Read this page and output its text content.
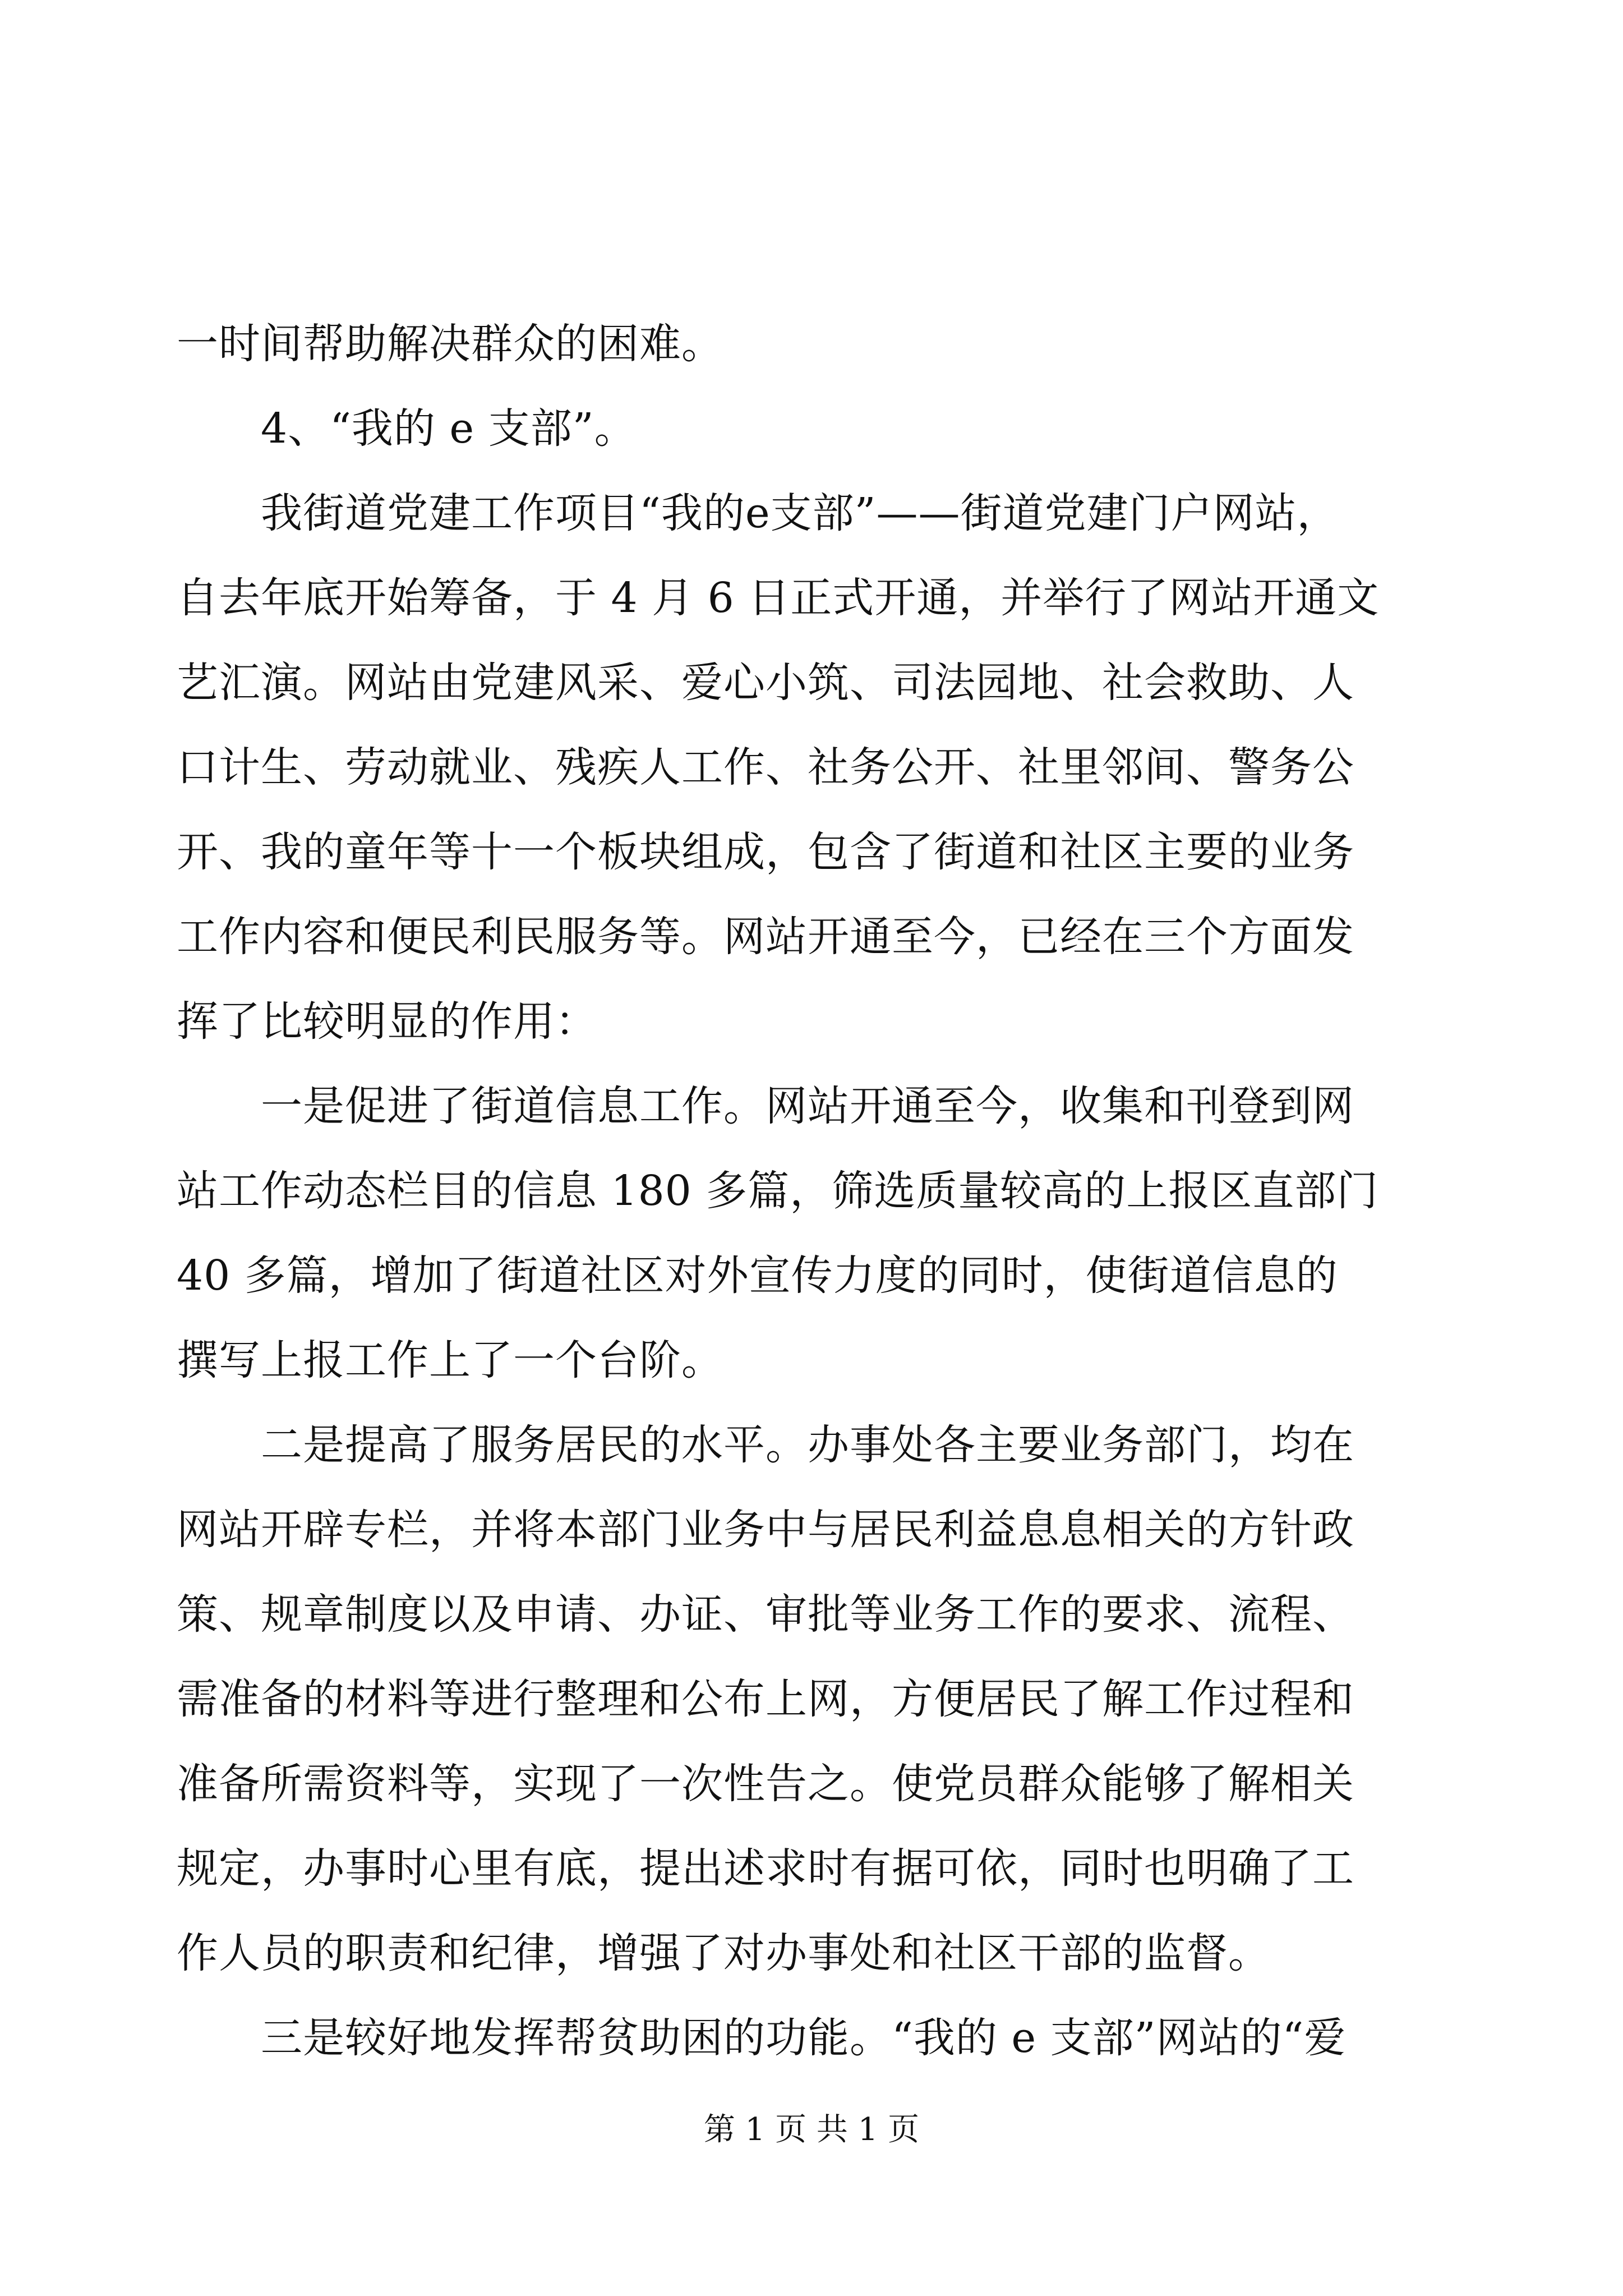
一时间帮助解决群众的困难。
4、“我的 e 支部”。
我街道党建工作项目“我的e支部”——街道党建门户网站，
自去年底开始筹备，于 4 月 6 日正式开通，并举行了网站开通文
艺汇演。网站由党建风采、爱心小筑、司法园地、社会救助、人
口计生、劳动就业、残疾人工作、社务公开、社里邻间、警务公
开、我的童年等十一个板块组成，包含了街道和社区主要的业务
工作内容和便民利民服务等。网站开通至今，已经在三个方面发
挥了比较明显的作用：
一是促进了街道信息工作。网站开通至今，收集和刊登到网
站工作动态栏目的信息 180 多篇，筛选质量较高的上报区直部门
40 多篇，增加了街道社区对外宣传力度的同时，使街道信息的
撰写上报工作上了一个台阶。
二是提高了服务居民的水平。办事处各主要业务部门，均在
网站开辟专栏，并将本部门业务中与居民利益息息相关的方针政
策、规章制度以及申请、办证、审批等业务工作的要求、流程、
需准备的材料等进行整理和公布上网，方便居民了解工作过程和
准备所需资料等，实现了一次性告之。使党员群众能够了解相关
规定，办事时心里有底，提出述求时有据可依，同时也明确了工
作人员的职责和纪律，增强了对办事处和社区干部的监督。
三是较好地发挥帮贫助困的功能。“我的 e 支部”网站的“爱
第 1 页 共 1 页
